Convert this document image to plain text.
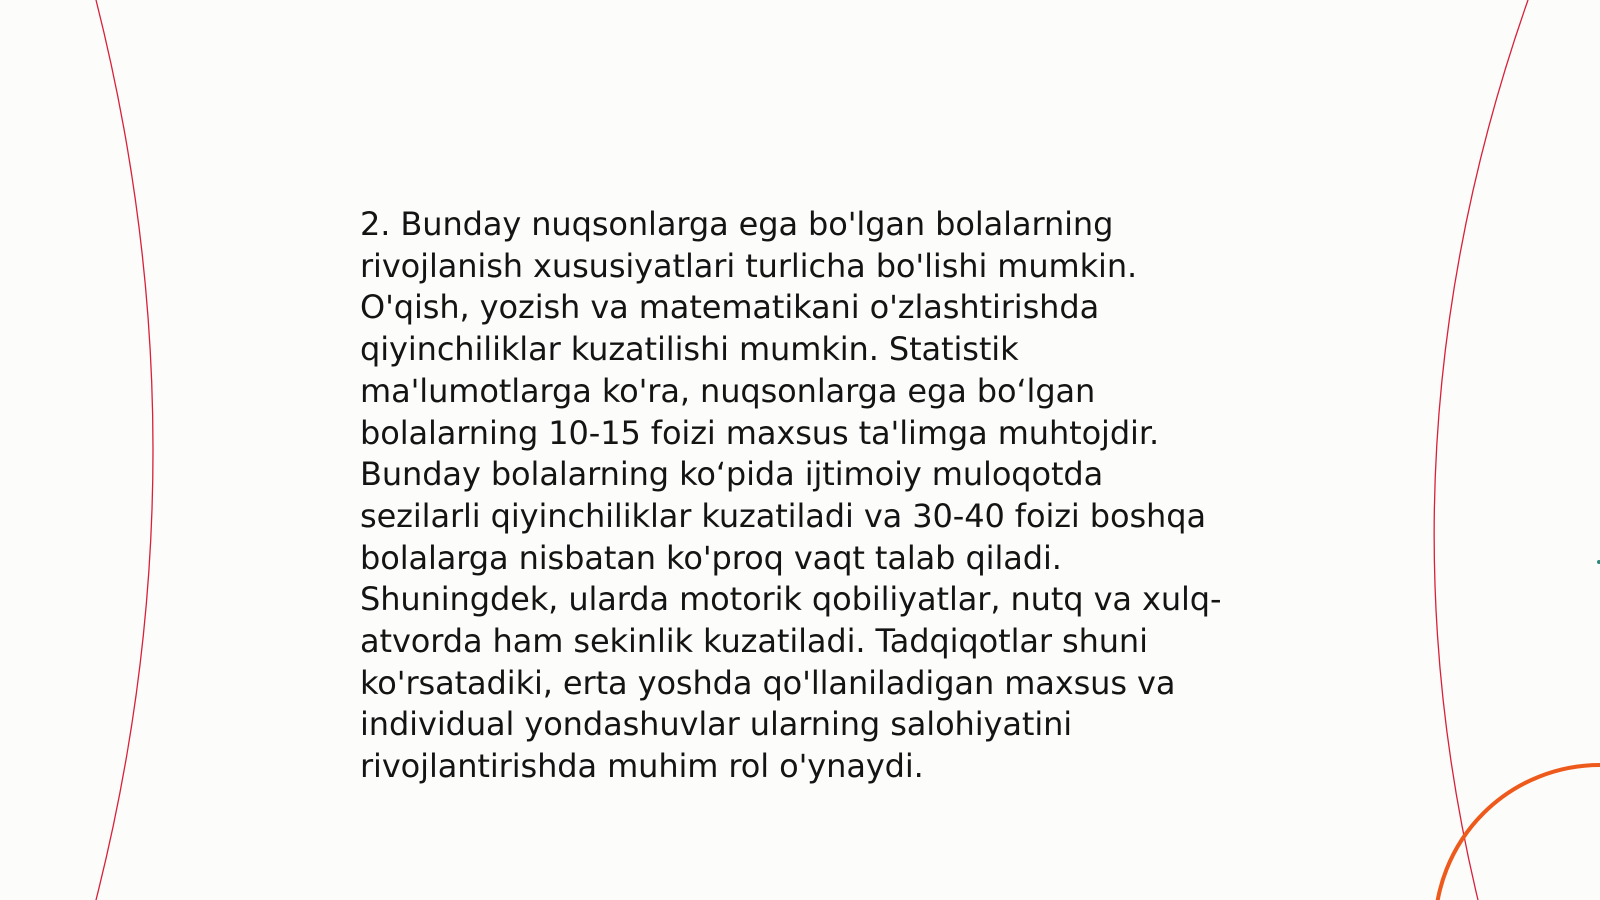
2. Bunday nuqsonlarga ega bo'lgan bolalarning
rivojlanish xususiyatlari turlicha bo'lishi mumkin.
O'qish, yozish va matematikani o'zlashtirishda
qiyinchiliklar kuzatilishi mumkin. Statistik
ma'lumotlarga ko'ra, nuqsonlarga ega bo‘lgan
bolalarning 10-15 foizi maxsus ta'limga muhtojdir.
Bunday bolalarning ko‘pida ijtimoiy muloqotda
sezilarli qiyinchiliklar kuzatiladi va 30-40 foizi boshqa
bolalarga nisbatan ko'proq vaqt talab qiladi.
Shuningdek, ularda motorik qobiliyatlar, nutq va xulq-
atvorda ham sekinlik kuzatiladi. Tadqiqotlar shuni
ko'rsatadiki, erta yoshda qo'llaniladigan maxsus va
individual yondashuvlar ularning salohiyatini
rivojlantirishda muhim rol o'ynaydi.
